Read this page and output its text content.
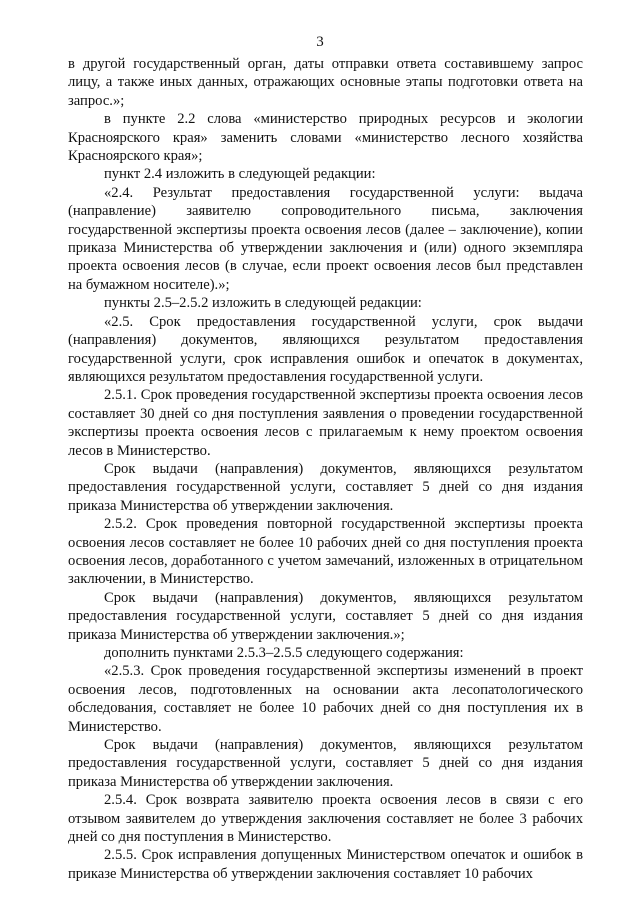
3

в другой государственный орган, даты отправки ответа составившему запрос лицу, а также иных данных, отражающих основные этапы подготовки ответа на запрос.»;

в пункте 2.2 слова «министерство природных ресурсов и экологии Красноярского края» заменить словами «министерство лесного хозяйства Красноярского края»;

пункт 2.4 изложить в следующей редакции:

«2.4. Результат предоставления государственной услуги: выдача (направление) заявителю сопроводительного письма, заключения государственной экспертизы проекта освоения лесов (далее – заключение), копии приказа Министерства об утверждении заключения и (или) одного экземпляра проекта освоения лесов (в случае, если проект освоения лесов был представлен на бумажном носителе).»;

пункты 2.5–2.5.2 изложить в следующей редакции:

«2.5. Срок предоставления государственной услуги, срок выдачи (направления) документов, являющихся результатом предоставления государственной услуги, срок исправления ошибок и опечаток в документах, являющихся результатом предоставления государственной услуги.

2.5.1. Срок проведения государственной экспертизы проекта освоения лесов составляет 30 дней со дня поступления заявления о проведении государственной экспертизы проекта освоения лесов с прилагаемым к нему проектом освоения лесов в Министерство.

Срок выдачи (направления) документов, являющихся результатом предоставления государственной услуги, составляет 5 дней со дня издания приказа Министерства об утверждении заключения.

2.5.2. Срок проведения повторной государственной экспертизы проекта освоения лесов составляет не более 10 рабочих дней со дня поступления проекта освоения лесов, доработанного с учетом замечаний, изложенных в отрицательном заключении, в Министерство.

Срок выдачи (направления) документов, являющихся результатом предоставления государственной услуги, составляет 5 дней со дня издания приказа Министерства об утверждении заключения.»;

дополнить пунктами 2.5.3–2.5.5 следующего содержания:

«2.5.3. Срок проведения государственной экспертизы изменений в проект освоения лесов, подготовленных на основании акта лесопатологического обследования, составляет не более 10 рабочих дней со дня поступления их в Министерство.

Срок выдачи (направления) документов, являющихся результатом предоставления государственной услуги, составляет 5 дней со дня издания приказа Министерства об утверждении заключения.

2.5.4. Срок возврата заявителю проекта освоения лесов в связи с его отзывом заявителем до утверждения заключения составляет не более 3 рабочих дней со дня поступления в Министерство.

2.5.5. Срок исправления допущенных Министерством опечаток и ошибок в приказе Министерства об утверждении заключения составляет 10 рабочих
